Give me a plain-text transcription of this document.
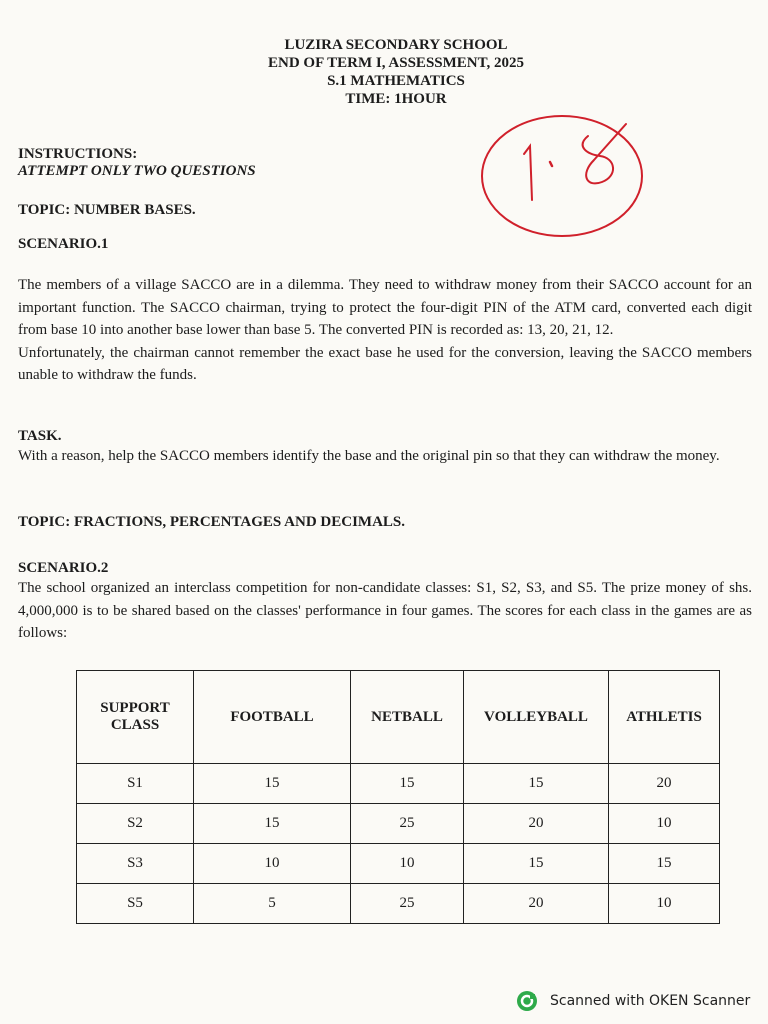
LUZIRA SECONDARY SCHOOL
END OF TERM I, ASSESSMENT, 2025
S.1 MATHEMATICS
TIME: 1HOUR
INSTRUCTIONS:
ATTEMPT ONLY TWO QUESTIONS
TOPIC: NUMBER BASES.
SCENARIO.1
The members of a village SACCO are in a dilemma. They need to withdraw money from their SACCO account for an important function. The SACCO chairman, trying to protect the four-digit PIN of the ATM card, converted each digit from base 10 into another base lower than base 5. The converted PIN is recorded as: 13, 20, 21, 12.
Unfortunately, the chairman cannot remember the exact base he used for the conversion, leaving the SACCO members unable to withdraw the funds.
TASK.
With a reason, help the SACCO members identify the base and the original pin so that they can withdraw the money.
TOPIC: FRACTIONS, PERCENTAGES AND DECIMALS.
SCENARIO.2
The school organized an interclass competition for non-candidate classes: S1, S2, S3, and S5. The prize money of shs. 4,000,000 is to be shared based on the classes' performance in four games. The scores for each class in the games are as follows:
SUPPORT CLASS	FOOTBALL	NETBALL	VOLLEYBALL	ATHLETIS
S1	15	15	15	20
S2	15	25	20	10
S3	10	10	15	15
S5	5	25	20	10
Scanned with OKEN Scanner
